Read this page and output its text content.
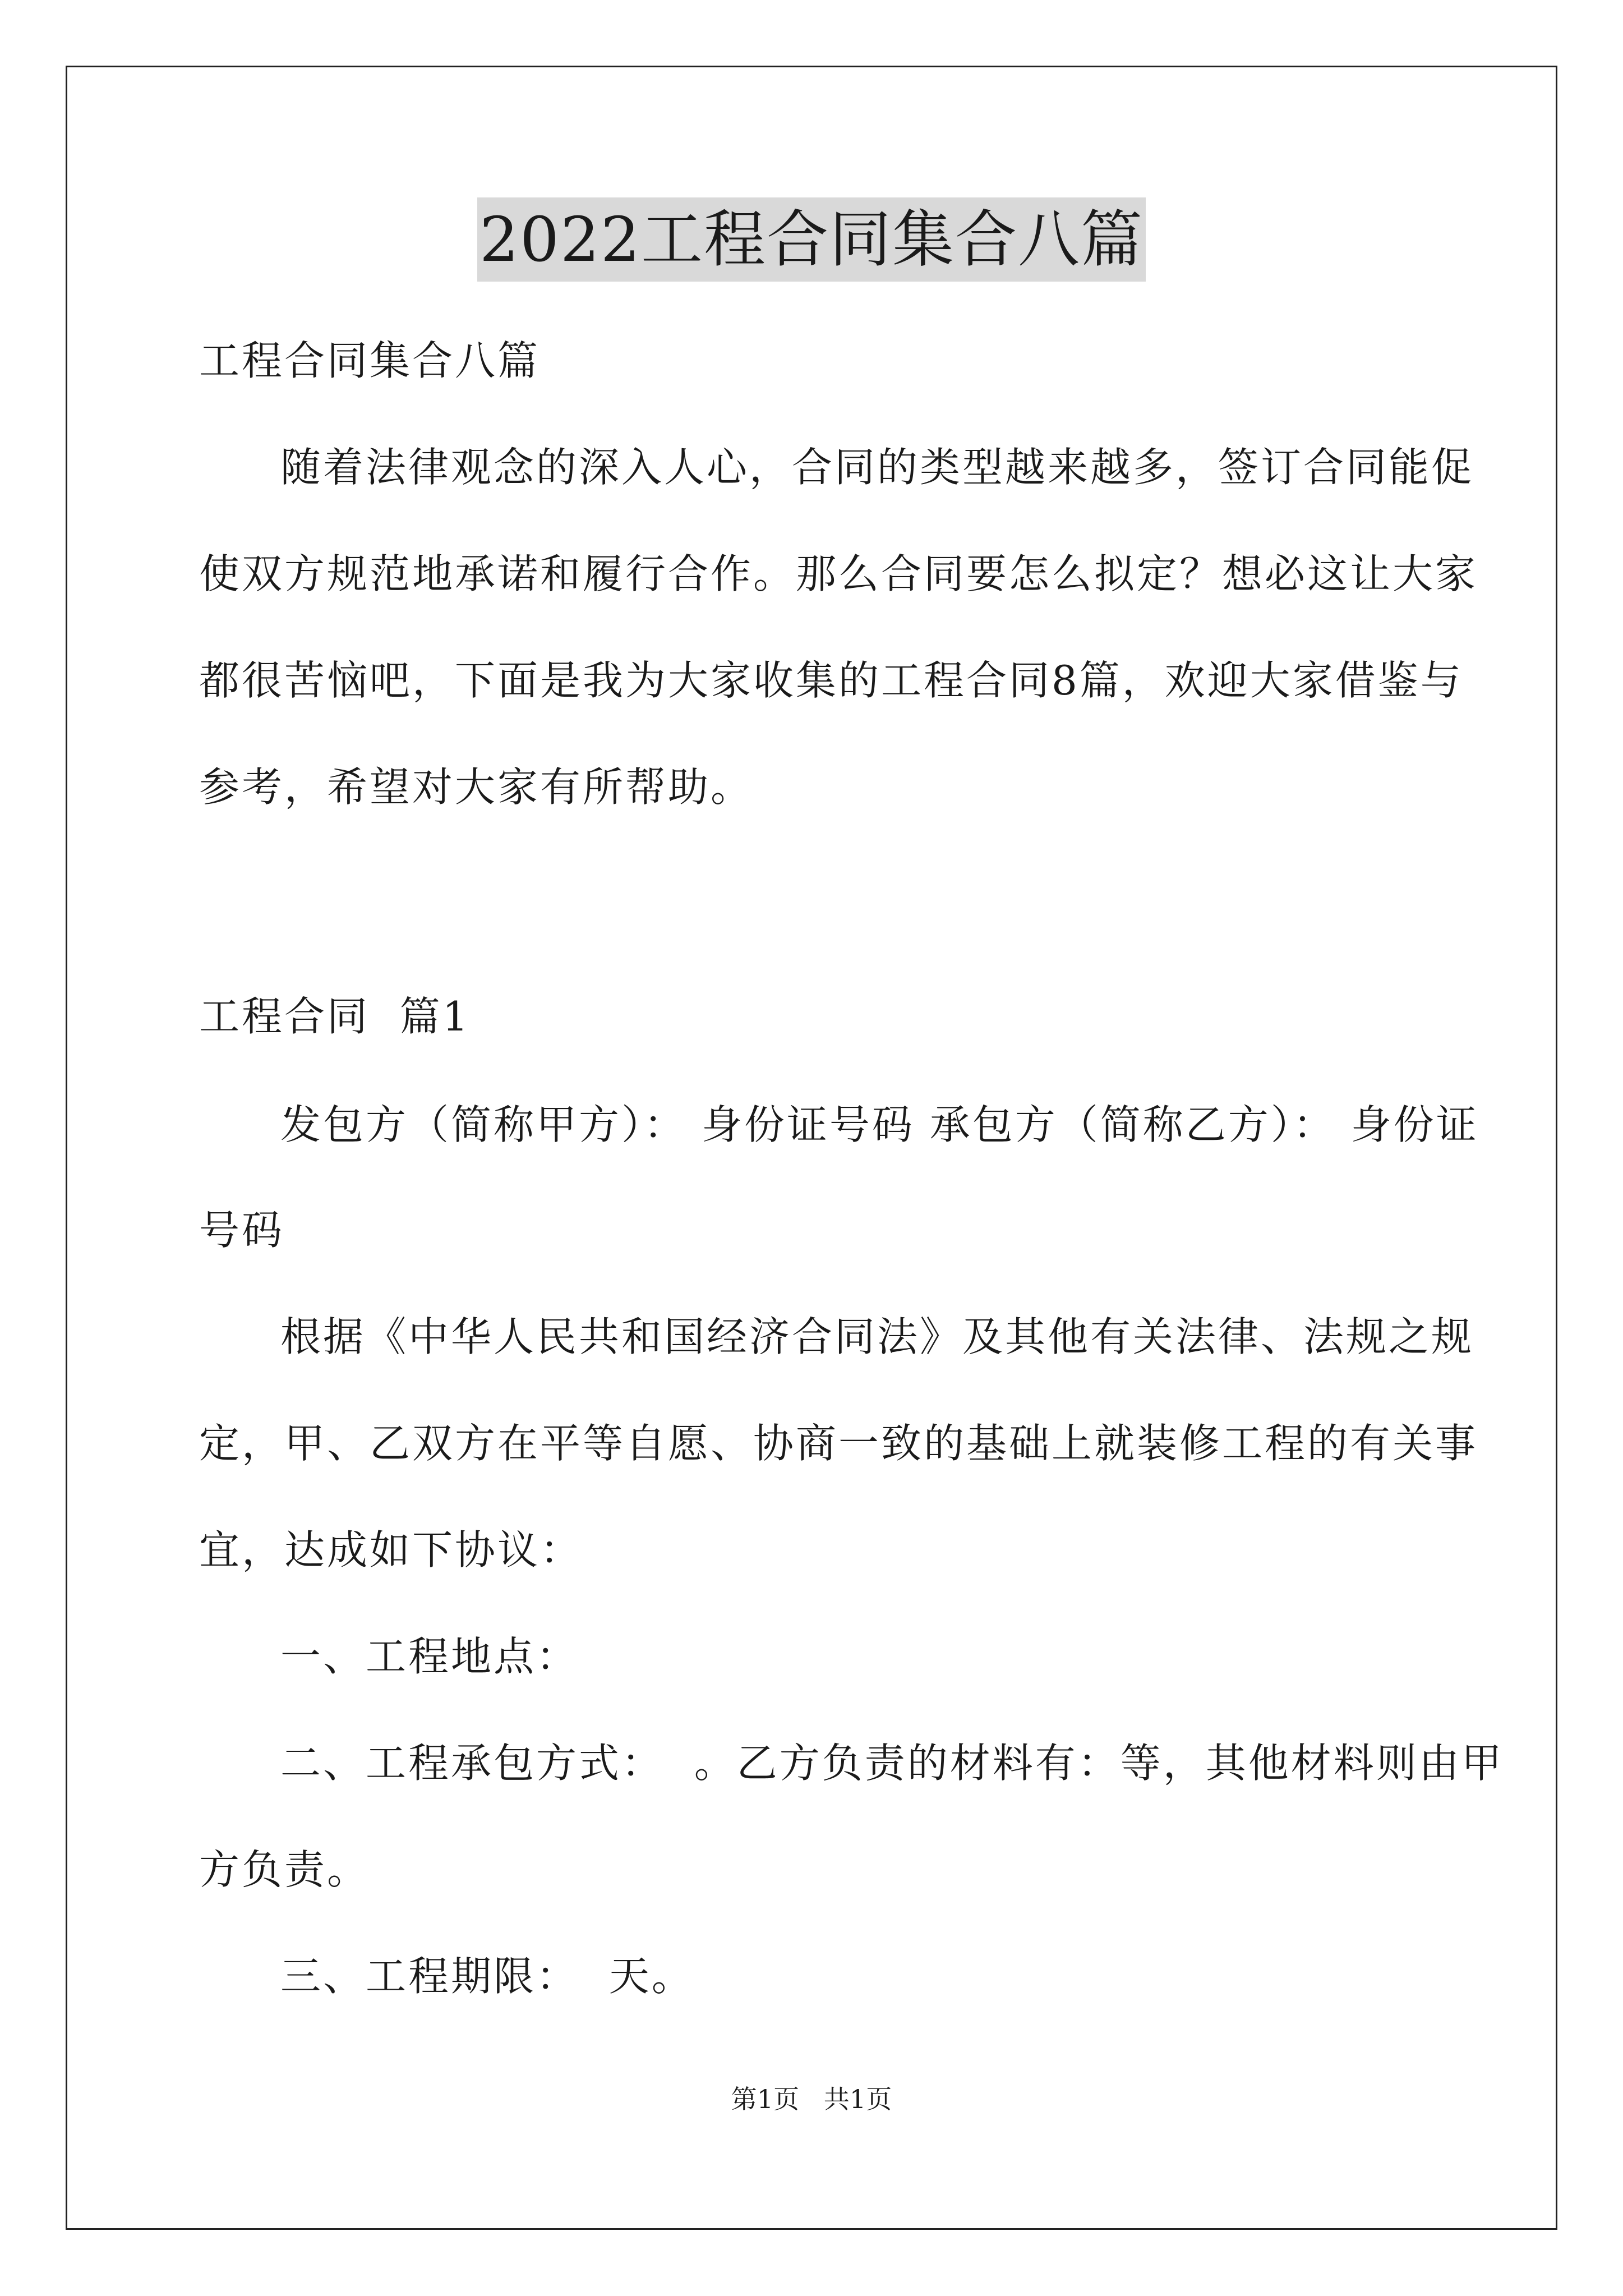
2022工程合同集合八篇
工程合同集合八篇
随着法律观念的深入人心，合同的类型越来越多，签订合同能促
使双方规范地承诺和履行合作。那么合同要怎么拟定？想必这让大家
都很苦恼吧，下面是我为大家收集的工程合同8篇，欢迎大家借鉴与
参考，希望对大家有所帮助。
工程合同  篇1
发包方（简称甲方）： 身份证号码 承包方（简称乙方）： 身份证
号码
根据《中华人民共和国经济合同法》及其他有关法律、法规之规
定，甲、乙双方在平等自愿、协商一致的基础上就装修工程的有关事
宜，达成如下协议：
一、工程地点：
二、工程承包方式：  。乙方负责的材料有：等，其他材料则由甲
方负责。
三、工程期限：  天。
第1页   共1页
